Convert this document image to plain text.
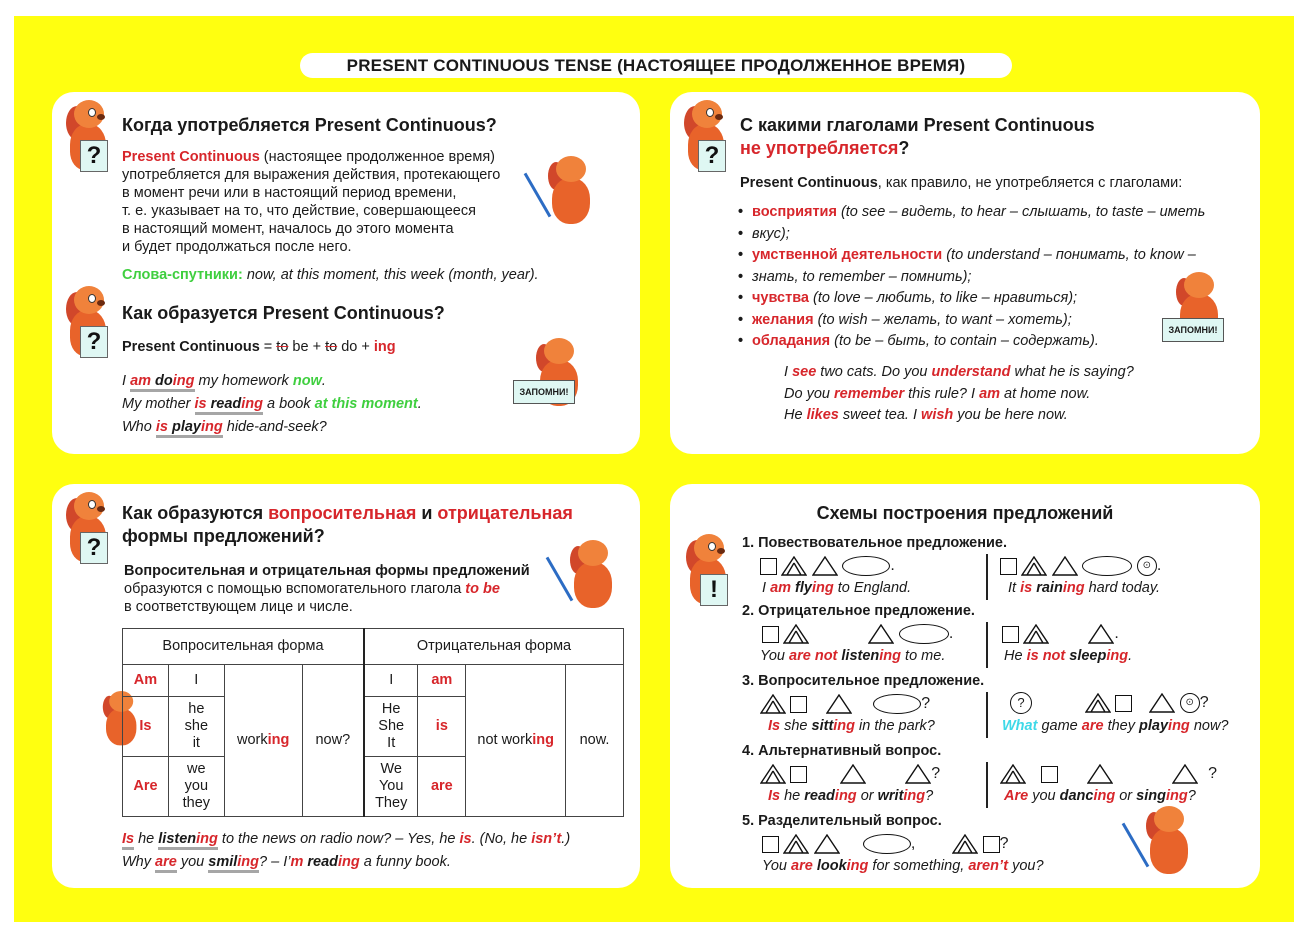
PRESENT CONTINUOUS TENSE (НАСТОЯЩЕЕ ПРОДОЛЖЕННОЕ ВРЕМЯ)
?
Когда употребляется Present Continuous?
Present Continuous (настоящее продолженное время)
употребляется для выражения действия, протекающего
в момент речи или в настоящий период времени,
т. е. указывает на то, что действие, совершающееся
в настоящий момент, началось до этого момента
и будет продолжаться после него.
Слова-спутники: now, at this moment, this week (month, year).
?
Как образуется Present Continuous?
Present Continuous = to be + to do + ing
I am doing my homework now.
My mother is reading a book at this moment.
Who is playing hide-and-seek?
ЗАПОМНИ!
?
С какими глаголами Present Continuous
не употребляется?
Present Continuous, как правило, не употребляется с глаголами:
• восприятия (to see – видеть, to hear – слышать, to taste – иметь
• вкус);
• умственной деятельности (to understand – понимать, to know –
• знать, to remember – помнить);
• чувства (to love – любить, to like – нравиться);
• желания (to wish – желать, to want – хотеть);
• обладания (to be – быть, to contain – содержать).
ЗАПОМНИ!
I see two cats. Do you understand what he is saying?
Do you remember this rule? I am at home now.
He likes sweet tea. I wish you be here now.
?
Как образуются вопросительная и отрицательная
формы предложений?
Вопросительная и отрицательная формы предложений
образуются с помощью вспомогательного глагола to be
в соответствующем лице и числе.
Вопросительная форма				Отрицательная форма			
Am	I	working	now?	I	am	not working	now.
Is	he
she
it			He
She
It	is		
Are	we
you
they			We
You
They	are		
Is he listening to the news on radio now? – Yes, he is. (No, he isn’t.)
Why are you smiling? – I’m reading a funny book.
Схемы построения предложений
!
1. Повествовательное предложение.
.	⊙ .
I am flying to England.	It is raining hard today.
2. Отрицательное предложение.
.	.
You are not listening to me.	He is not sleeping.
3. Вопросительное предложение.
?	?	⊙ ?
Is she sitting in the park?	What game are they playing now?
4. Альтернативный вопрос.
?	?
Is he reading or writing?	Are you dancing or singing?
5. Разделительный вопрос.
,	?
You are looking for something, aren’t you?
